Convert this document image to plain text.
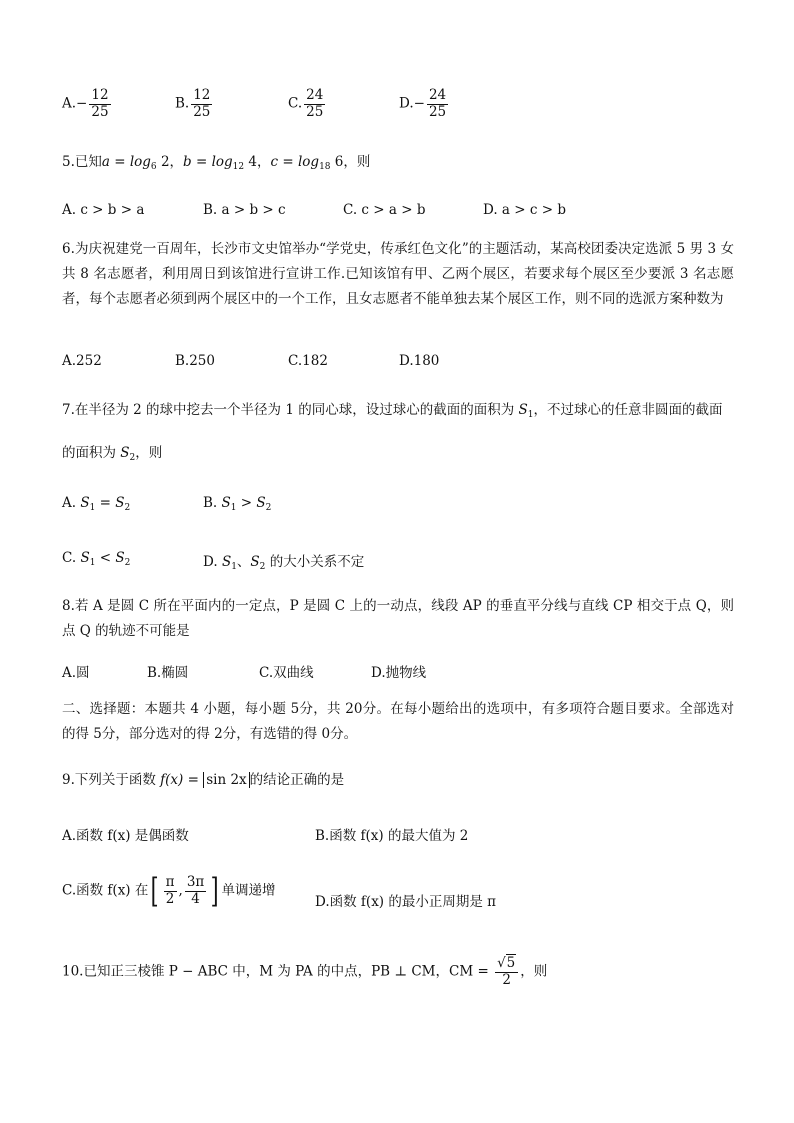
$A.- \frac{12}{25}$	B. $\frac{12}{25}$	C. $\frac{24}{25}$	$D.- \frac{24}{25}$
5.已知$a = \log_6 2$，$b = \log_{12} 4$，$c = \log_{18} 6$，则
A. c > b > a	B. a > b > c	C. c > a > b	D. a > c > b
6.为庆祝建党一百周年，长沙市文史馆举办“学党史，传承红色文化”的主题活动，某高校团委决定选派 5 男 3 女共 8 名志愿者，利用周日到该馆进行宣讲工作.已知该馆有甲、乙两个展区，若要求每个展区至少要派 3 名志愿者，每个志愿者必须到两个展区中的一个工作，且女志愿者不能单独去某个展区工作，则不同的选派方案种数为
A.252	B.250	C.182	D.180
7.在半径为 2 的球中挖去一个半径为 1 的同心球，设过球心的截面的面积为 $S_1$，不过球心的任意非圆面的截面
的面积为 $S_2$，则
A. $S_1 = S_2$	B. $S_1 > S_2$
C. $S_1 < S_2$	D. $S_1$、$S_2$ 的大小关系不定
8.若 A 是圆 C 所在平面内的一定点，P 是圆 C 上的一动点，线段 AP 的垂直平分线与直线 CP 相交于点 Q，则点 Q 的轨迹不可能是
A.圆	B.椭圆	C.双曲线	D.抛物线
二、选择题：本题共 4 小题，每小题 5分，共 20分。在每小题给出的选项中，有多项符合题目要求。全部选对的得 5分，部分选对的得 2分，有选错的得 0分。
9.下列关于函数 f(x) = sin 2x 的结论正确的是
A.函数 f(x) 是偶函数	B.函数 f(x) 的最大值为 2
C.函数 f(x) 在[ $\frac{\pi}{2}$ , $\frac{3\pi}{4}$ ] 单调递增
D.函数 f(x) 的最小正周期是 π
10.已知正三棱锥 P − ABC 中，M 为 PA 的中点，PB ⊥ CM，CM = $\frac{√5}{2}$ ，则
